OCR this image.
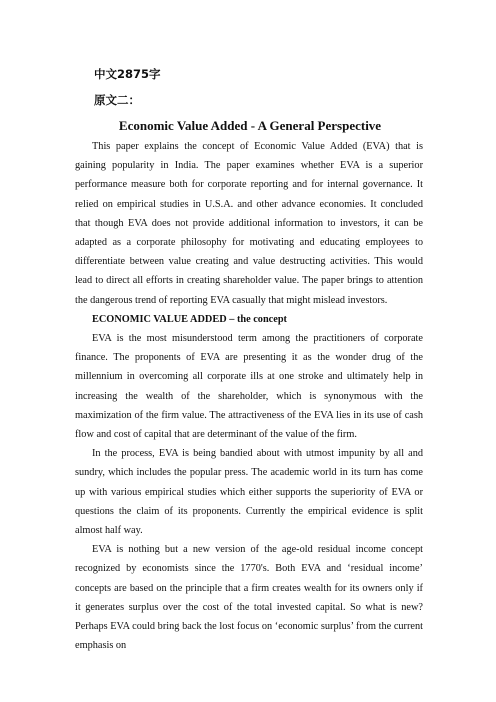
中文2875字
原文二：
Economic Value Added - A General Perspective

This paper explains the concept of Economic Value Added (EVA) that is gaining popularity in India. The paper examines whether EVA is a superior performance measure both for corporate reporting and for internal governance. It relied on empirical studies in U.S.A. and other advance economies. It concluded that though EVA does not provide additional information to investors, it can be adapted as a corporate philosophy for motivating and educating employees to differentiate between value creating and value destructing activities. This would lead to direct all efforts in creating shareholder value. The paper brings to attention the dangerous trend of reporting EVA casually that might mislead investors.

ECONOMIC VALUE ADDED – the concept

EVA is the most misunderstood term among the practitioners of corporate finance. The proponents of EVA are presenting it as the wonder drug of the millennium in overcoming all corporate ills at one stroke and ultimately help in increasing the wealth of the shareholder, which is synonymous with the maximization of the firm value. The attractiveness of the EVA lies in its use of cash flow and cost of capital that are determinant of the value of the firm.

In the process, EVA is being bandied about with utmost impunity by all and sundry, which includes the popular press. The academic world in its turn has come up with various empirical studies which either supports the superiority of EVA or questions the claim of its proponents. Currently the empirical evidence is split almost half way.

EVA is nothing but a new version of the age-old residual income concept recognized by economists since the 1770's. Both EVA and ‘residual income’ concepts are based on the principle that a firm creates wealth for its owners only if it generates surplus over the cost of the total invested capital. So what is new? Perhaps EVA could bring back the lost focus on ‘economic surplus’ from the current emphasis on
